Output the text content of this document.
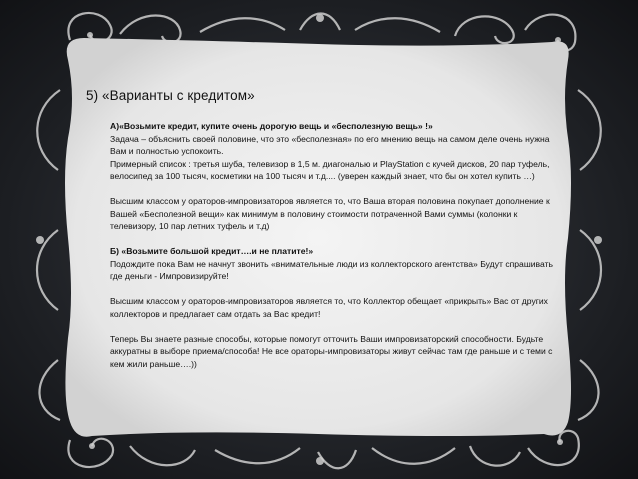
5) «Варианты с кредитом»

А)«Возьмите кредит, купите очень дорогую вещь и «бесполезную вещь» !»

Задача – объяснить своей половине, что это «бесполезная» по его мнению вещь на самом деле очень нужна Вам и полностью успокоить.

Примерный список : третья шуба, телевизор в 1,5 м. диагональю и PlayStation с кучей дисков, 20 пар туфель, велосипед за 100 тысяч, косметики на 100 тысяч и т.д.... (уверен каждый знает, что бы он хотел купить …)

Высшим классом у ораторов-импровизаторов является то, что Ваша вторая половина покупает дополнение к Вашей «Бесполезной вещи» как минимум в половину стоимости потраченной Вами суммы (колонки к телевизору, 10 пар летних туфель и т.д)

Б) «Возьмите большой кредит….и не платите!»

Подождите пока Вам не начнут звонить «внимательные люди из коллекторского агентства» Будут спрашивать где деньги - Импровизируйте!

Высшим классом у ораторов-импровизаторов является то, что Коллектор обещает «прикрыть» Вас от других коллекторов и предлагает сам отдать за Вас кредит!

Теперь Вы знаете разные способы, которые помогут отточить Ваши импровизаторский способности. Будьте аккуратны в выборе приема/способа! Не все ораторы-импровизаторы живут сейчас там где раньше и с теми с кем жили раньше….))
